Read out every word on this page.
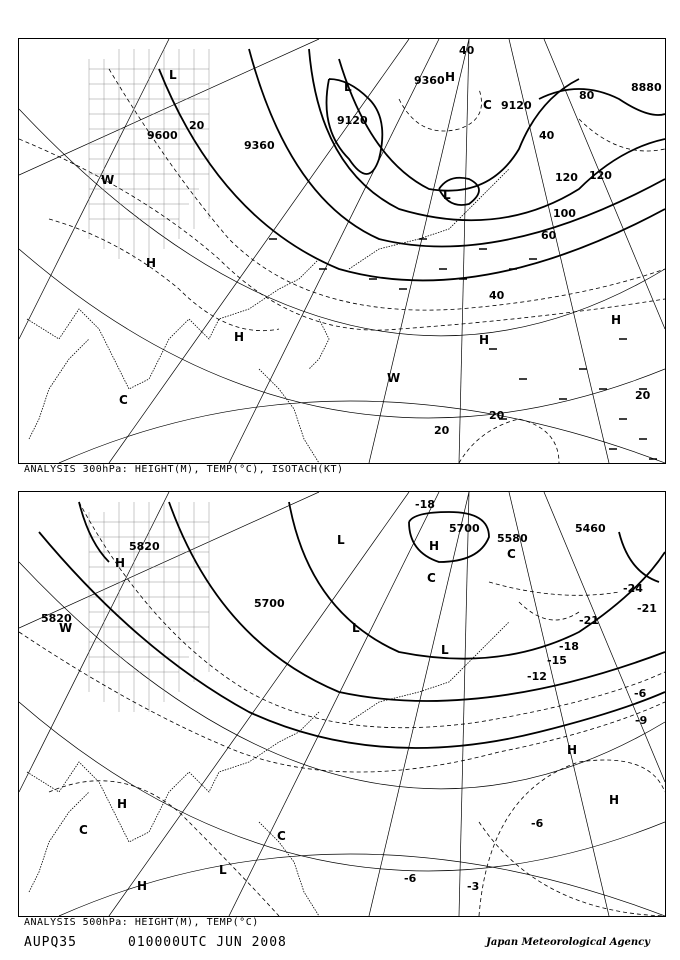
9600
9360
9120
9360
9120
8880
20
40
60
80
100
120
20
40
20
40
20
120
L
L
L
H
H	H
H
H
C
C
W
W
ANALYSIS 300hPa: HEIGHT(M), TEMP(°C), ISOTACH(KT)
5820
5820
5700
5700
5580
5460
-18
-21
-24
-21
-18
-15
-12
-9
-6
-6
-6
-3
L
L
L
L
H
H
H
H
H
H
C
C
C
C
W
ANALYSIS 500hPa: HEIGHT(M), TEMP(°C)
AUPQ35	010000UTC JUN 2008	Japan Meteorological Agency
